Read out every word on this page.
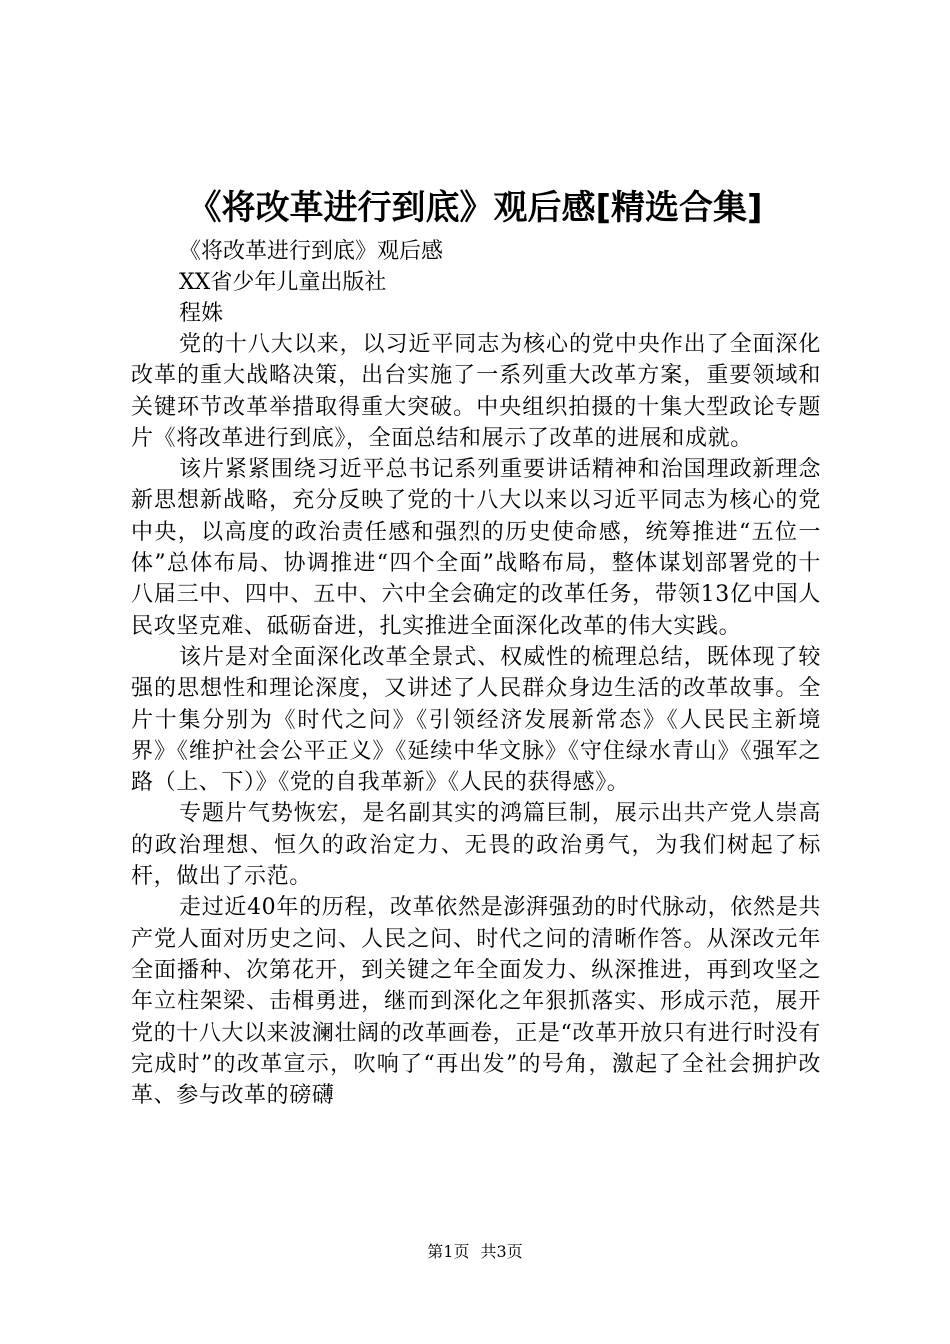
《将改革进行到底》观后感[精选合集]

《将改革进行到底》观后感

XX省少年儿童出版社

程姝

党的十八大以来，以习近平同志为核心的党中央作出了全面深化改革的重大战略决策，出台实施了一系列重大改革方案，重要领域和关键环节改革举措取得重大突破。中央组织拍摄的十集大型政论专题片《将改革进行到底》，全面总结和展示了改革的进展和成就。

该片紧紧围绕习近平总书记系列重要讲话精神和治国理政新理念新思想新战略，充分反映了党的十八大以来以习近平同志为核心的党中央，以高度的政治责任感和强烈的历史使命感，统筹推进“五位一体”总体布局、协调推进“四个全面”战略布局，整体谋划部署党的十八届三中、四中、五中、六中全会确定的改革任务，带领13亿中国人民攻坚克难、砥砺奋进，扎实推进全面深化改革的伟大实践。

该片是对全面深化改革全景式、权威性的梳理总结，既体现了较强的思想性和理论深度，又讲述了人民群众身边生活的改革故事。全片十集分别为《时代之问》《引领经济发展新常态》《人民民主新境界》《维护社会公平正义》《延续中华文脉》《守住绿水青山》《强军之路（上、下）》《党的自我革新》《人民的获得感》。

专题片气势恢宏，是名副其实的鸿篇巨制，展示出共产党人崇高的政治理想、恒久的政治定力、无畏的政治勇气，为我们树起了标杆，做出了示范。

走过近40年的历程，改革依然是澎湃强劲的时代脉动，依然是共产党人面对历史之问、人民之问、时代之问的清晰作答。从深改元年全面播种、次第花开，到关键之年全面发力、纵深推进，再到攻坚之年立柱架梁、击楫勇进，继而到深化之年狠抓落实、形成示范，展开党的十八大以来波澜壮阔的改革画卷，正是“改革开放只有进行时没有完成时”的改革宣示，吹响了“再出发”的号角，激起了全社会拥护改革、参与改革的磅礴

第1页 共3页
